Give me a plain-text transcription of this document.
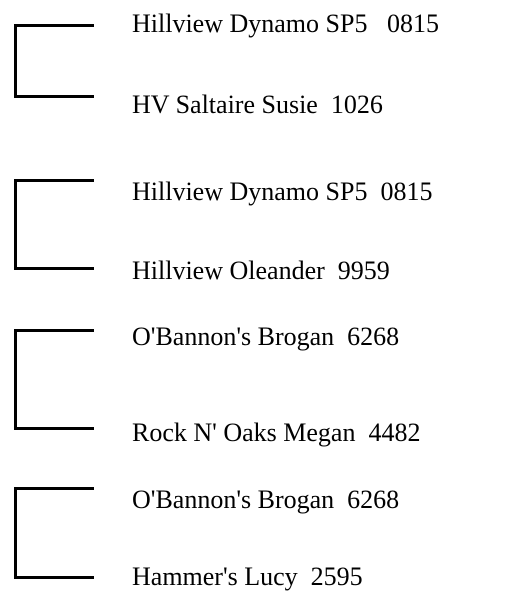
Hillview Dynamo SP5   0815
HV Saltaire Susie  1026
Hillview Dynamo SP5  0815
Hillview Oleander  9959
O'Bannon's Brogan  6268
Rock N' Oaks Megan  4482
O'Bannon's Brogan  6268
Hammer's Lucy  2595
